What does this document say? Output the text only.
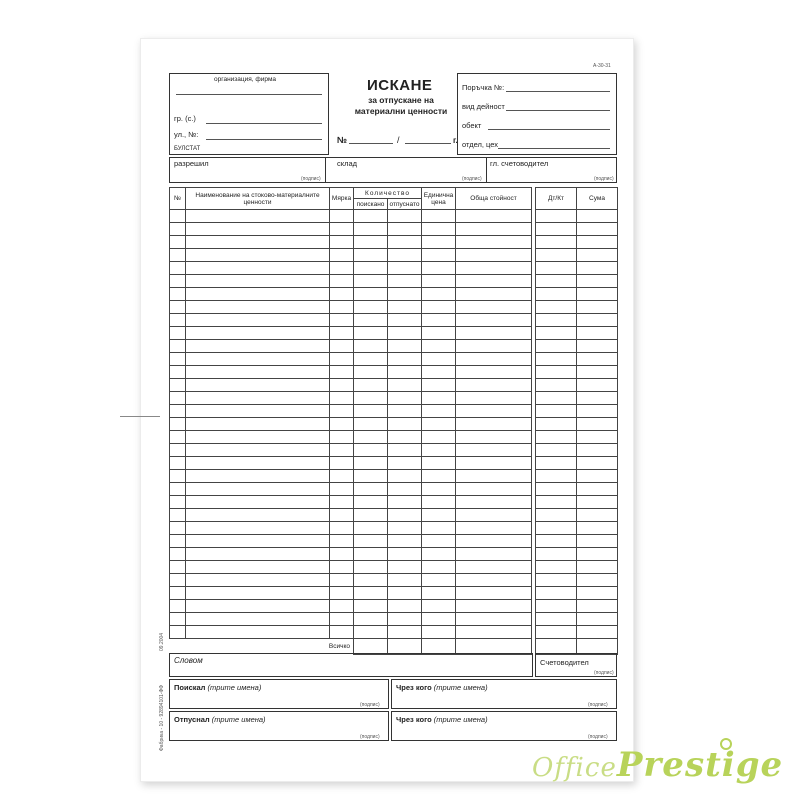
А-30-31
организация, фирма
гр. (с.)
ул., №:
БУЛСТАТ
ИСКАНЕ
за отпускане на
материални ценности
№	/	г.
Поръчка №:
вид дейност
обект
отдел, цех
разрешил	склад	гл. счетоводител
(подпис)	(подпис)	(подпис)
№	Наименование на стоково-материалните ценности	Мярка	Количество		Единична цена	Обща стойност
			поискано	отпуснато		

Всичко						
Дт/Кт	Сума

Словом	Счетоводител
(подпис)
Поискал (трите имена)
(подпис)
Чрез кого (трите имена)
(подпис)
Отпуснал (трите имена)
(подпис)
Чрез кого (трите имена)
(подпис)
09.2004
Фабрика - 10 - 92894101-ФФ
OfficePrestige
